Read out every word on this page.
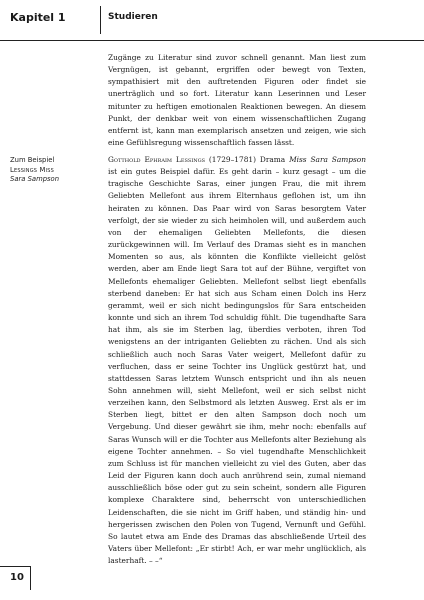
Kapitel 1	Studieren
Zugänge zu Literatur sind zuvor schnell genannt. Man liest zum Vergnügen, ist gebannt, ergriffen oder bewegt von Texten, sympathisiert mit den auftretenden Figuren oder findet sie unerträglich und so fort. Literatur kann Leserinnen und Leser mitunter zu heftigen emotionalen Reaktionen bewegen. An diesem Punkt, der denkbar weit von einem wissenschaftlichen Zugang entfernt ist, kann man exemplarisch ansetzen und zeigen, wie sich eine Gefühlsregung wissenschaftlich fassen lässt.
Zum Beispiel
Lessings Miss
Sara Sampson
Gotthold Ephraim Lessings (1729–1781) Drama Miss Sara Sampson ist ein gutes Beispiel dafür. Es geht darin – kurz gesagt – um die tragische Geschichte Saras, einer jungen Frau, die mit ihrem Geliebten Mellefont aus ihrem Elternhaus geflohen ist, um ihn heiraten zu können. Das Paar wird von Saras besorgtem Vater verfolgt, der sie wieder zu sich heimholen will, und außerdem auch von der ehemaligen Geliebten Mellefonts, die diesen zurückgewinnen will. Im Verlauf des Dramas sieht es in manchen Momenten so aus, als könnten die Konflikte vielleicht gelöst werden, aber am Ende liegt Sara tot auf der Bühne, vergiftet von Mellefonts ehemaliger Geliebten. Mellefont selbst liegt ebenfalls sterbend daneben: Er hat sich aus Scham einen Dolch ins Herz gerammt, weil er sich nicht bedingungslos für Sara entscheiden konnte und sich an ihrem Tod schuldig fühlt. Die tugendhafte Sara hat ihm, als sie im Sterben lag, überdies verboten, ihren Tod wenigstens an der intriganten Geliebten zu rächen. Und als sich schließlich auch noch Saras Vater weigert, Mellefont dafür zu verfluchen, dass er seine Tochter ins Unglück gestürzt hat, und stattdessen Saras letztem Wunsch entspricht und ihn als neuen Sohn annehmen will, sieht Mellefont, weil er sich selbst nicht verzeihen kann, den Selbstmord als letzten Ausweg. Erst als er im Sterben liegt, bittet er den alten Sampson doch noch um Vergebung. Und dieser gewährt sie ihm, mehr noch: ebenfalls auf Saras Wunsch will er die Tochter aus Mellefonts alter Beziehung als eigene Tochter annehmen. – So viel tugendhafte Menschlichkeit zum Schluss ist für manchen vielleicht zu viel des Guten, aber das Leid der Figuren kann doch auch anrührend sein, zumal niemand ausschließlich böse oder gut zu sein scheint, sondern alle Figuren komplexe Charaktere sind, beherrscht von unterschiedlichen Leidenschaften, die sie nicht im Griff haben, und ständig hin- und hergerissen zwischen den Polen von Tugend, Vernunft und Gefühl. So lautet etwa am Ende des Dramas das abschließende Urteil des Vaters über Mellefont: „Er stirbt! Ach, er war mehr unglücklich, als lasterhaft. – –“
10
